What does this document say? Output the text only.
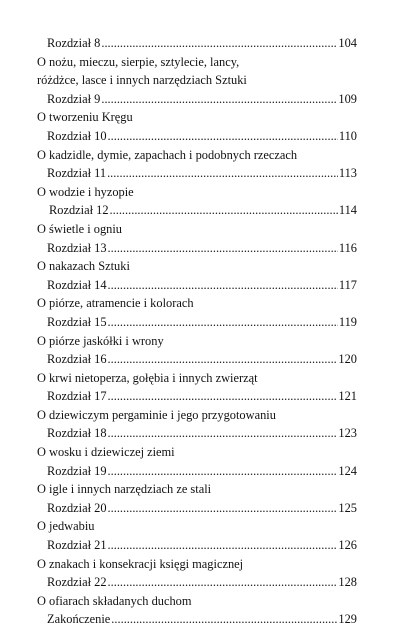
Rozdział 8 .....	104
O nożu, mieczu, sierpie, sztylecie, lancy,
różdżce, lasce i innych narzędziach Sztuki
Rozdział 9 .....	109
O tworzeniu Kręgu
Rozdział 10 .....	110
O kadzidle, dymie, zapachach i podobnych rzeczach
Rozdział 11 .....	113
O wodzie i hyzopie
Rozdział 12 .....	114
O świetle i ogniu
Rozdział 13 .....	116
O nakazach Sztuki
Rozdział 14 .....	117
O piórze, atramencie i kolorach
Rozdział 15 .....	119
O piórze jaskółki i wrony
Rozdział 16 .....	120
O krwi nietoperza, gołębia i innych zwierząt
Rozdział 17 .....	121
O dziewiczym pergaminie i jego przygotowaniu
Rozdział 18 .....	123
O wosku i dziewiczej ziemi
Rozdział 19 .....	124
O igle i innych narzędziach ze stali
Rozdział 20 .....	125
O jedwabiu
Rozdział 21 .....	126
O znakach i konsekracji księgi magicznej
Rozdział 22 .....	128
O ofiarach składanych duchom
Zakończenie .....	129
